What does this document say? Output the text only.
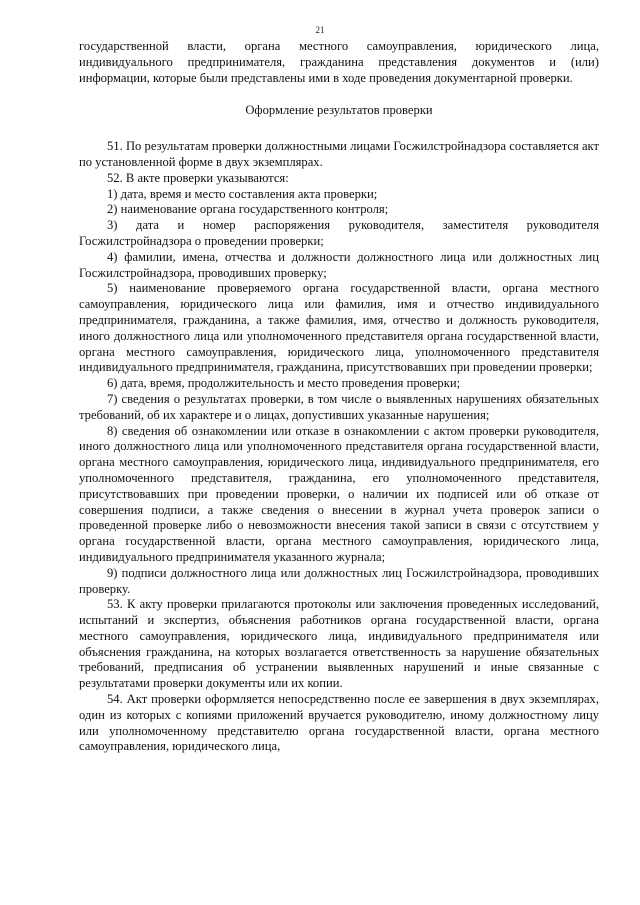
21

государственной власти, органа местного самоуправления, юридического лица, индивидуального предпринимателя, гражданина представления документов и (или) информации, которые были представлены ими в ходе проведения документарной проверки.

Оформление результатов проверки

51. По результатам проверки должностными лицами Госжилстройнадзора составляется акт по установленной форме в двух экземплярах.

52. В акте проверки указываются:

1) дата, время и место составления акта проверки;

2) наименование органа государственного контроля;

3) дата и номер распоряжения руководителя, заместителя руководителя Госжилстройнадзора о проведении проверки;

4) фамилии, имена, отчества и должности должностного лица или должностных лиц Госжилстройнадзора, проводивших проверку;

5) наименование проверяемого органа государственной власти, органа местного самоуправления, юридического лица или фамилия, имя и отчество индивидуального предпринимателя, гражданина, а также фамилия, имя, отчество и должность руководителя, иного должностного лица или уполномоченного представителя органа государственной власти, органа местного самоуправления, юридического лица, уполномоченного представителя индивидуального предпринимателя, гражданина, присутствовавших при проведении проверки;

6) дата, время, продолжительность и место проведения проверки;

7) сведения о результатах проверки, в том числе о выявленных нарушениях обязательных требований, об их характере и о лицах, допустивших указанные нарушения;

8) сведения об ознакомлении или отказе в ознакомлении с актом проверки руководителя, иного должностного лица или уполномоченного представителя органа государственной власти, органа местного самоуправления, юридического лица, индивидуального предпринимателя, его уполномоченного представителя, гражданина, его уполномоченного представителя, присутствовавших при проведении проверки, о наличии их подписей или об отказе от совершения подписи, а также сведения о внесении в журнал учета проверок записи о проведенной проверке либо о невозможности внесения такой записи в связи с отсутствием у органа государственной власти, органа местного самоуправления, юридического лица, индивидуального предпринимателя указанного журнала;

9) подписи должностного лица или должностных лиц Госжилстройнадзора, проводивших проверку.

53. К акту проверки прилагаются протоколы или заключения проведенных исследований, испытаний и экспертиз, объяснения работников органа государственной власти, органа местного самоуправления, юридического лица, индивидуального предпринимателя или объяснения гражданина, на которых возлагается ответственность за нарушение обязательных требований, предписания об устранении выявленных нарушений и иные связанные с результатами проверки документы или их копии.

54. Акт проверки оформляется непосредственно после ее завершения в двух экземплярах, один из которых с копиями приложений вручается руководителю, иному должностному лицу или уполномоченному представителю органа государственной власти, органа местного самоуправления, юридического лица,
